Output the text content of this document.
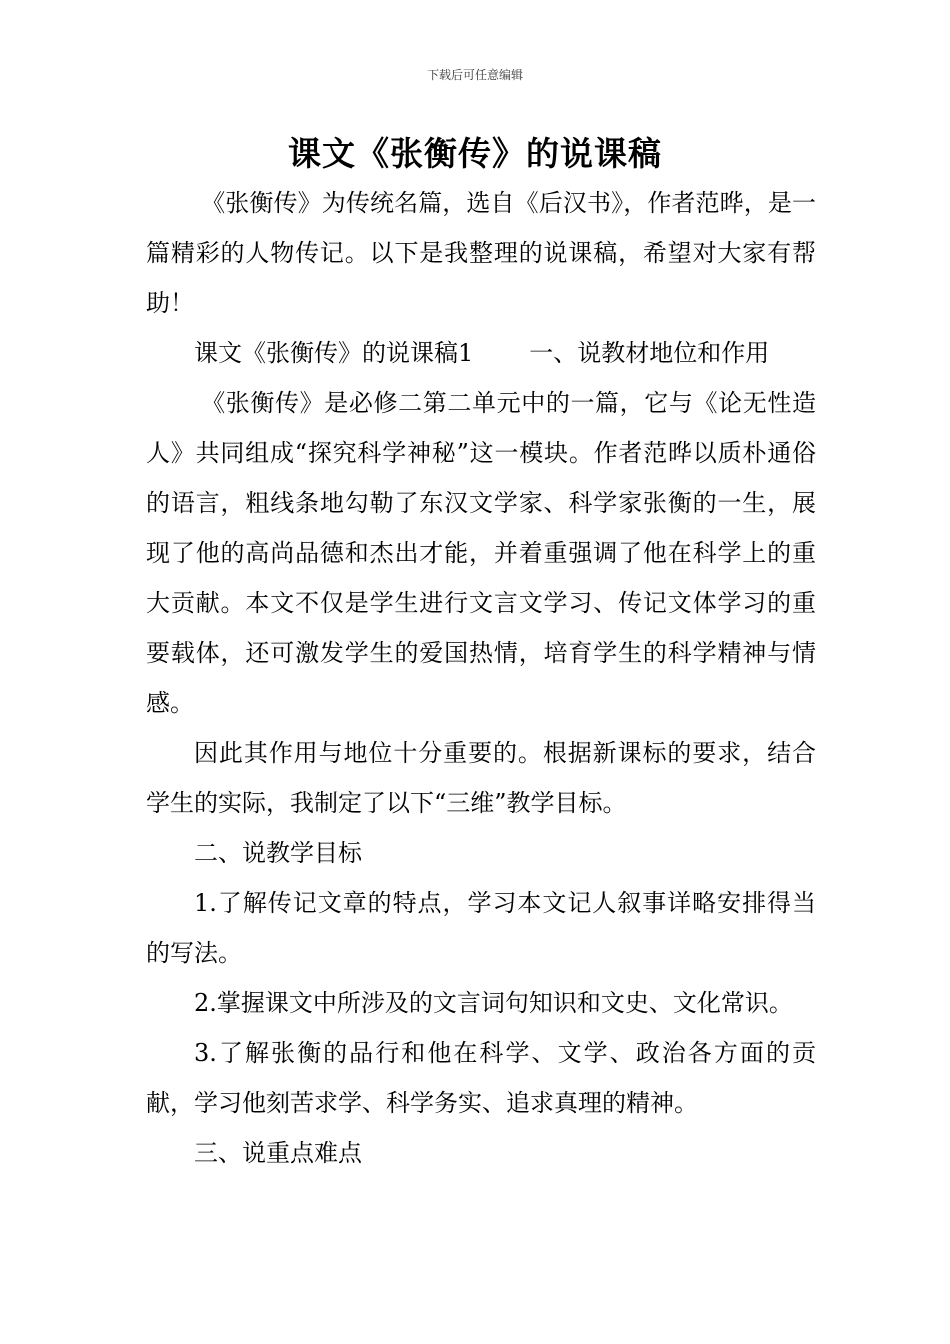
下载后可任意编辑
课文《张衡传》的说课稿

《张衡传》为传统名篇，选自《后汉书》，作者范晔，是一篇精彩的人物传记。以下是我整理的说课稿，希望对大家有帮助！

课文《张衡传》的说课稿1 一、说教材地位和作用

《张衡传》是必修二第二单元中的一篇，它与《论无性造人》共同组成“探究科学神秘”这一模块。作者范晔以质朴通俗的语言，粗线条地勾勒了东汉文学家、科学家张衡的一生，展现了他的高尚品德和杰出才能，并着重强调了他在科学上的重大贡献。本文不仅是学生进行文言文学习、传记文体学习的重要载体，还可激发学生的爱国热情，培育学生的科学精神与情感。

因此其作用与地位十分重要的。根据新课标的要求，结合学生的实际，我制定了以下“三维”教学目标。

二、说教学目标

1.了解传记文章的特点，学习本文记人叙事详略安排得当的写法。

2.掌握课文中所涉及的文言词句知识和文史、文化常识。

3.了解张衡的品行和他在科学、文学、政治各方面的贡献，学习他刻苦求学、科学务实、追求真理的精神。

三、说重点难点
